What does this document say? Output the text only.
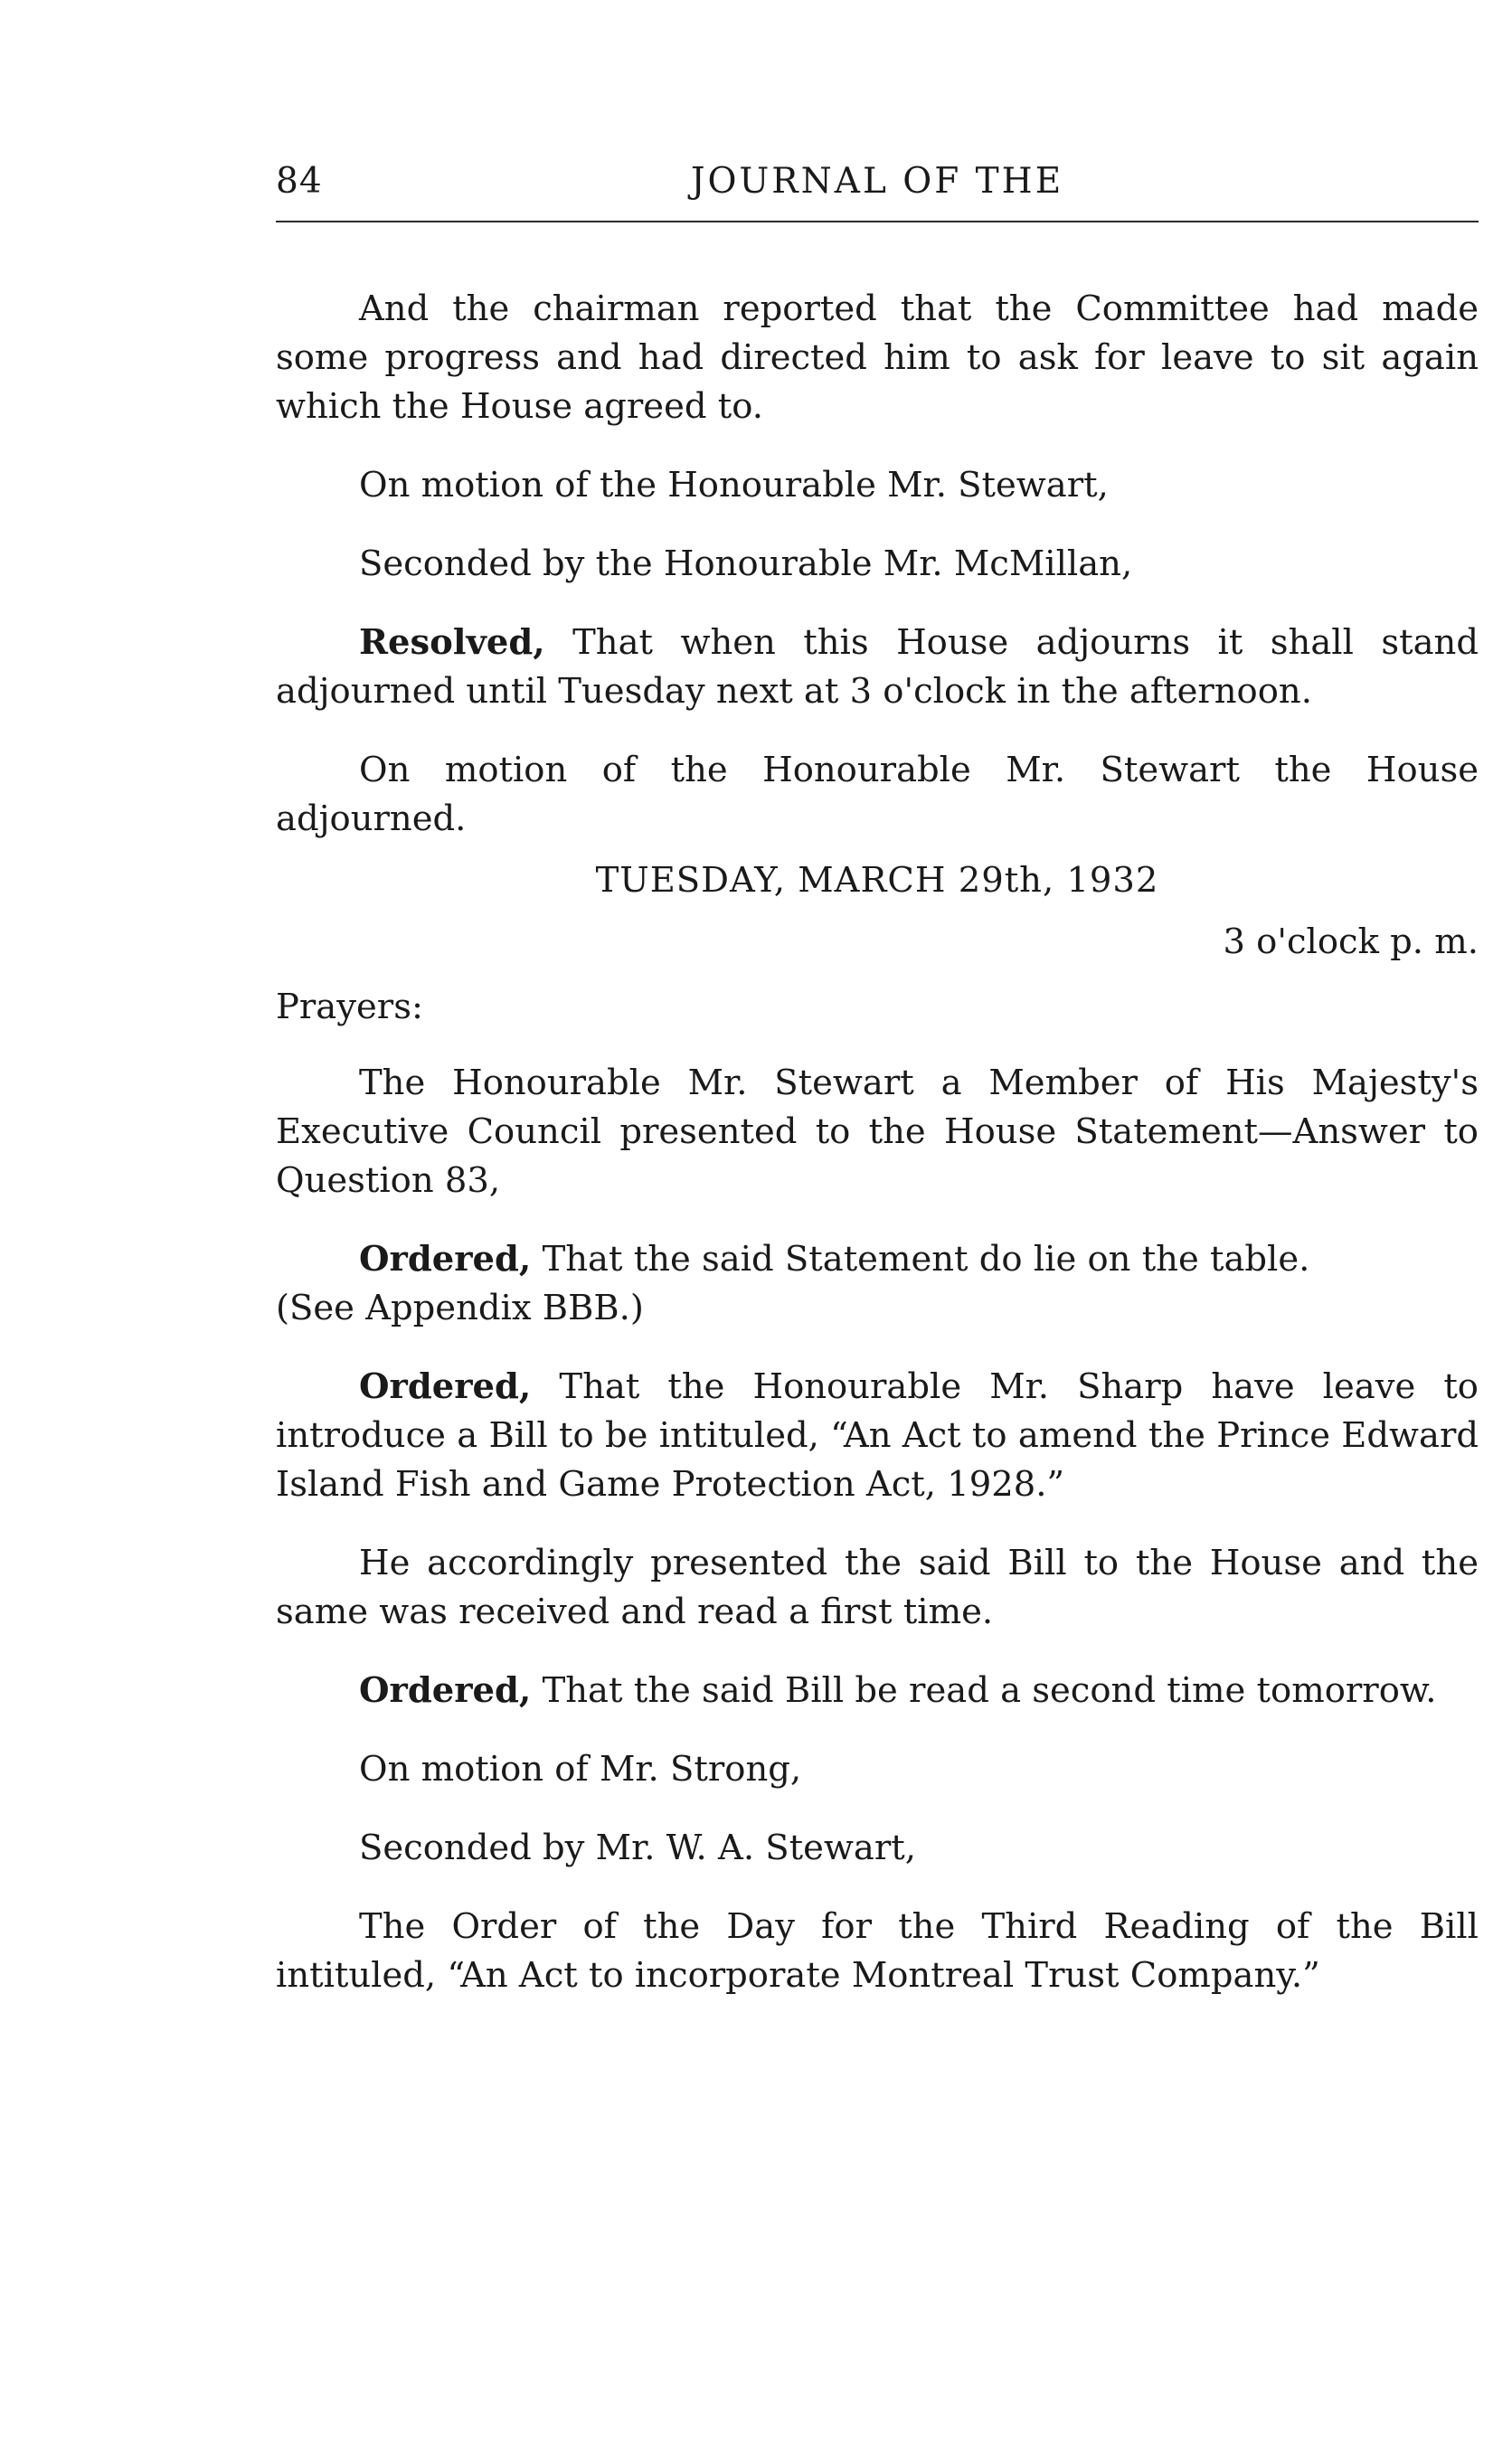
84	JOURNAL OF THE

And the chairman reported that the Committee had made some progress and had directed him to ask for leave to sit again which the House agreed to.

On motion of the Honourable Mr. Stewart,

Seconded by the Honourable Mr. McMillan,

Resolved, That when this House adjourns it shall stand adjourned until Tuesday next at 3 o'clock in the afternoon.

On motion of the Honourable Mr. Stewart the House adjourned.

TUESDAY, MARCH 29th, 1932
3 o'clock p. m.

Prayers:

The Honourable Mr. Stewart a Member of His Majesty's Executive Council presented to the House Statement—Answer to Question 83,

Ordered, That the said Statement do lie on the table.

(See Appendix BBB.)

Ordered, That the Honourable Mr. Sharp have leave to introduce a Bill to be intituled, “An Act to amend the Prince Edward Island Fish and Game Protection Act, 1928.”

He accordingly presented the said Bill to the House and the same was received and read a first time.

Ordered, That the said Bill be read a second time tomorrow.

On motion of Mr. Strong,

Seconded by Mr. W. A. Stewart,

The Order of the Day for the Third Reading of the Bill intituled, “An Act to incorporate Montreal Trust Company.”
